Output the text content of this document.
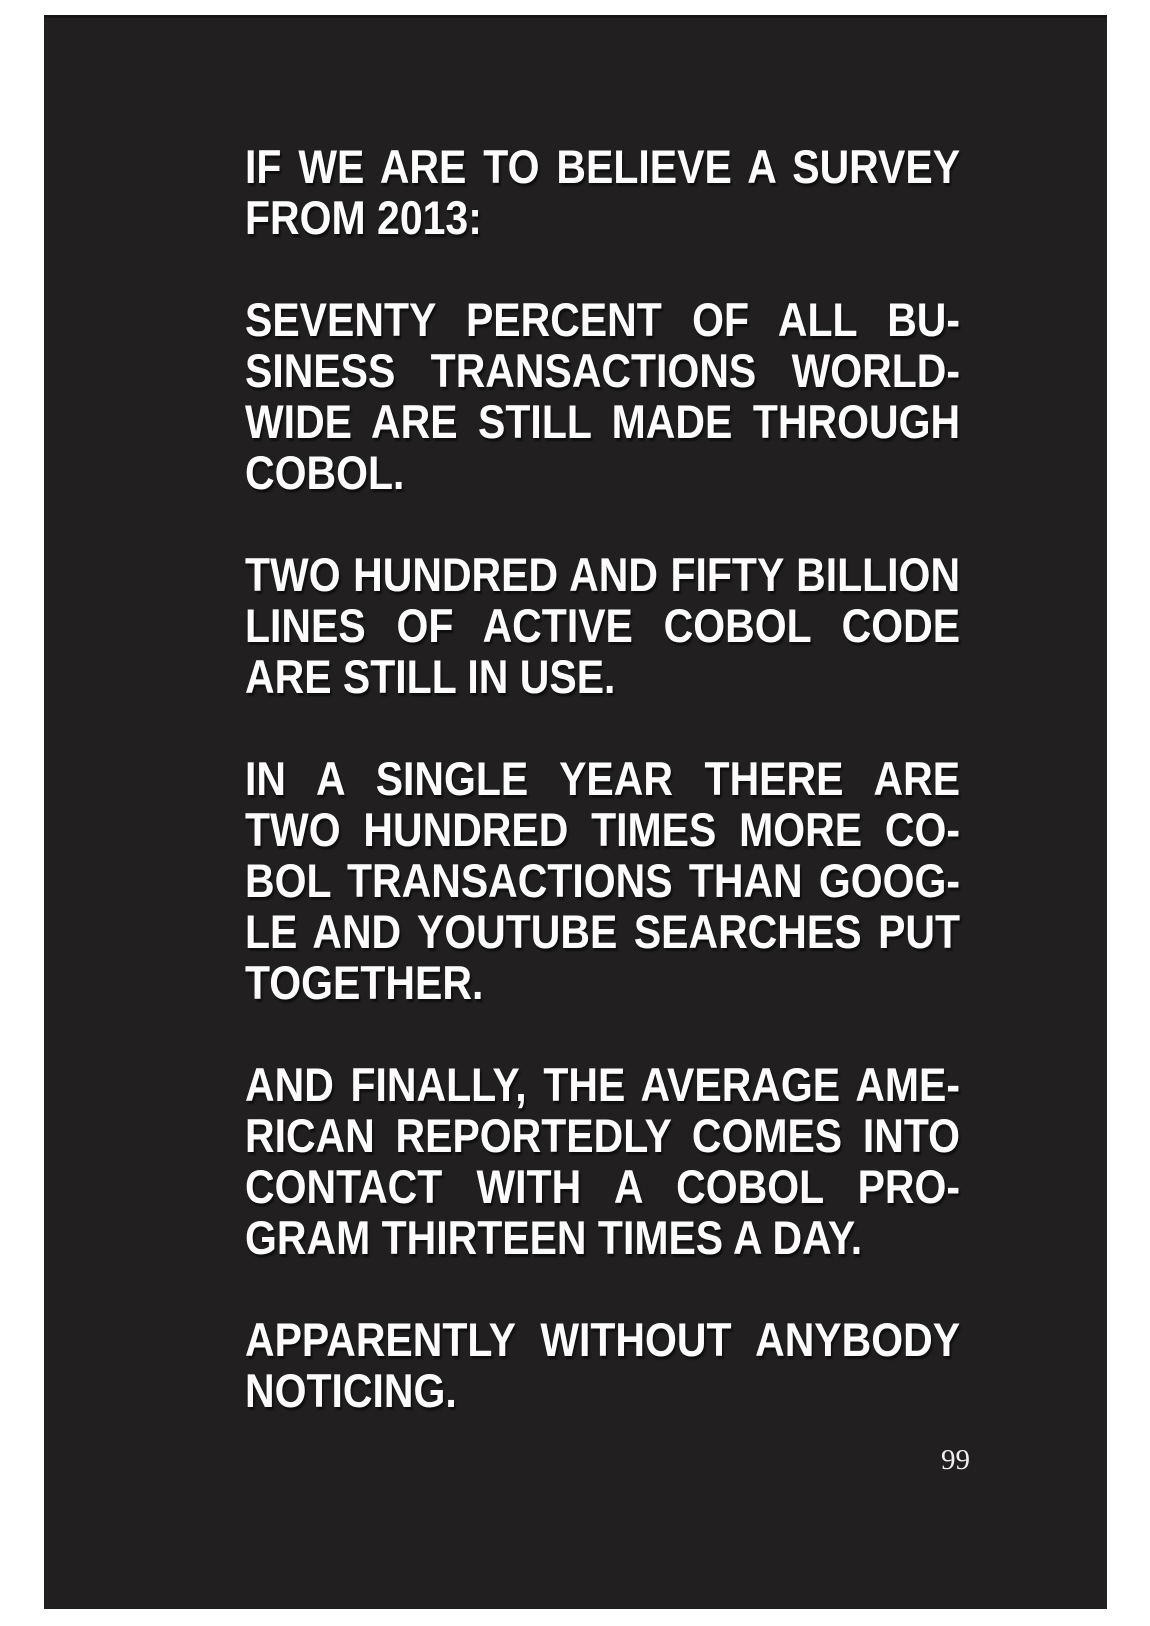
IF WE ARE TO BELIEVE A SURVEY
FROM 2013:
SEVENTY PERCENT OF ALL BU-
SINESS TRANSACTIONS WORLD-
WIDE ARE STILL MADE THROUGH
COBOL.
TWO HUNDRED AND FIFTY BILLION
LINES OF ACTIVE COBOL CODE
ARE STILL IN USE.
IN A SINGLE YEAR THERE ARE
TWO HUNDRED TIMES MORE CO-
BOL TRANSACTIONS THAN GOOG-
LE AND YOUTUBE SEARCHES PUT
TOGETHER.
AND FINALLY, THE AVERAGE AME-
RICAN REPORTEDLY COMES INTO
CONTACT WITH A COBOL PRO-
GRAM THIRTEEN TIMES A DAY.
APPARENTLY WITHOUT ANYBODY
NOTICING.
99
